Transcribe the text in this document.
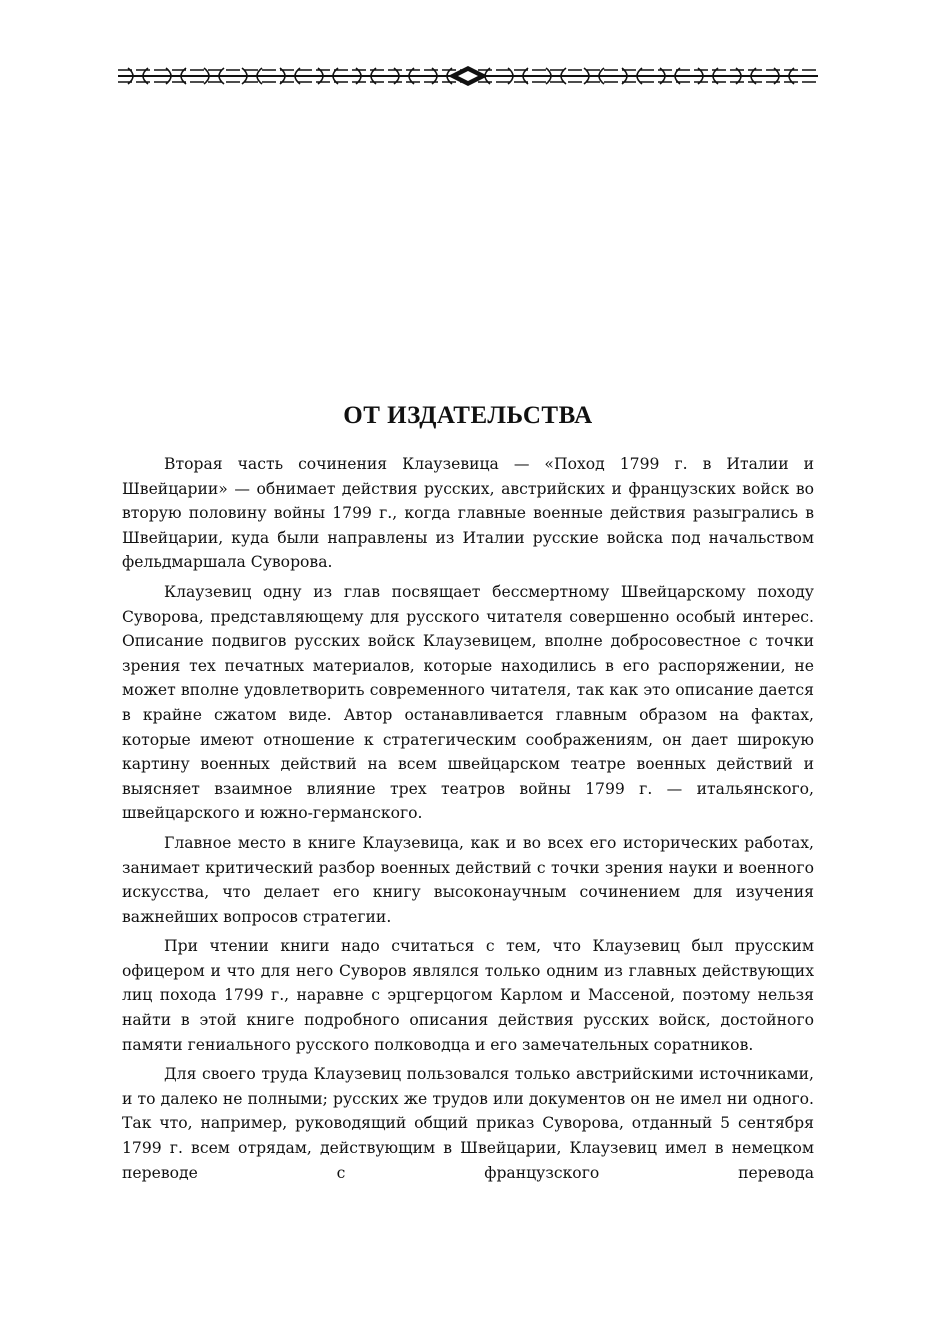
ОТ ИЗДАТЕЛЬСТВА

Вторая часть сочинения Клаузевица — «Поход 1799 г. в Италии и Швейцарии» — обнимает действия русских, австрийских и французских войск во вторую половину войны 1799 г., когда главные военные действия разыгрались в Швейцарии, куда были направлены из Италии русские войска под начальством фельдмаршала Суворова.

Клаузевиц одну из глав посвящает бессмертному Швейцарскому походу Суворова, представляющему для русского читателя совершенно особый интерес. Описание подвигов русских войск Клаузевицем, вполне добросовестное с точки зрения тех печатных материалов, которые находились в его распоряжении, не может вполне удовлетворить современного читателя, так как это описание дается в крайне сжатом виде. Автор останавливается главным образом на фактах, которые имеют отношение к стратегическим соображениям, он дает широкую картину военных действий на всем швейцарском театре военных действий и выясняет взаимное влияние трех театров войны 1799 г. — итальянского, швейцарского и южно-германского.

Главное место в книге Клаузевица, как и во всех его исторических работах, занимает критический разбор военных действий с точки зрения науки и военного искусства, что делает его книгу высоконаучным сочинением для изучения важнейших вопросов стратегии.

При чтении книги надо считаться с тем, что Клаузевиц был прусским офицером и что для него Суворов являлся только одним из главных действующих лиц похода 1799 г., наравне с эрцгерцогом Карлом и Массеной, поэтому нельзя найти в этой книге подробного описания действия русских войск, достойного памяти гениального русского полководца и его замечательных соратников.

Для своего труда Клаузевиц пользовался только австрийскими источниками, и то далеко не полными; русских же трудов или документов он не имел ни одного. Так что, например, руководящий общий приказ Суворова, отданный 5 сентября 1799 г. всем отрядам, действующим в Швейцарии, Клаузевиц имел в немецком переводе с французского перевода
